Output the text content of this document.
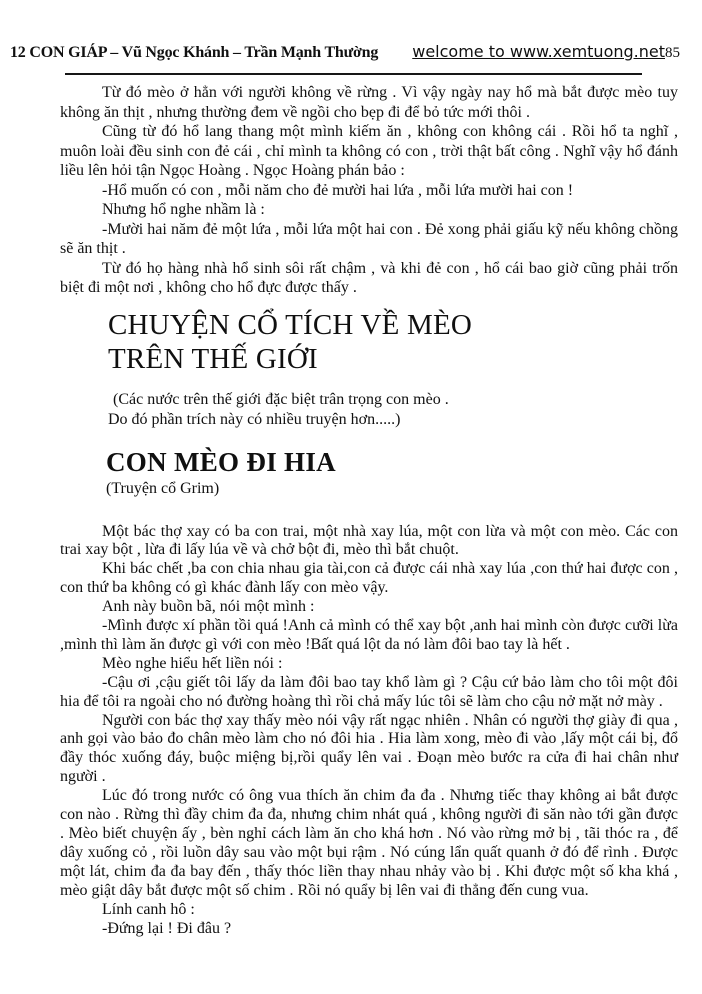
12 CON GIÁP – Vũ Ngọc Khánh – Trần Mạnh Thường welcome to www.xemtuong.net 85

Từ đó mèo ở hẳn với người không về rừng . Vì vậy ngày nay hổ mà bắt được mèo tuy không ăn thịt , nhưng thường đem về ngồi cho bẹp đi để bỏ tức mới thôi .

Cũng từ đó hổ lang thang một mình kiếm ăn , không con không cái . Rồi hổ ta nghĩ , muôn loài đều sinh con đẻ cái , chỉ mình ta không có con , trời thật bất công . Nghĩ vậy hổ đánh liều lên hỏi tận Ngọc Hoàng . Ngọc Hoàng phán bảo :

-Hổ muốn có con , mỗi năm cho đẻ mười hai lứa , mỗi lứa mười hai con !

Nhưng hổ nghe nhầm là :

-Mười hai năm đẻ một lứa , mỗi lứa một hai con . Đẻ xong phải giấu kỹ nếu không chồng sẽ ăn thịt .

Từ đó họ hàng nhà hổ sinh sôi rất chậm , và khi đẻ con , hổ cái bao giờ cũng phải trốn biệt đi một nơi , không cho hổ đực được thấy .

CHUYỆN CỔ TÍCH VỀ MÈO
TRÊN THẾ GIỚI
(Các nước trên thế giới đặc biệt trân trọng con mèo .
Do đó phần trích này có nhiều truyện hơn.....)
CON MÈO ĐI HIA
(Truyện cổ Grim)

Một bác thợ xay có ba con trai, một nhà xay lúa, một con lừa và một con mèo. Các con trai xay bột , lừa đi lấy lúa về và chở bột đi, mèo thì bắt chuột.

Khi bác chết ,ba con chia nhau gia tài,con cả được cái nhà xay lúa ,con thứ hai được con , con thứ ba không có gì khác đành lấy con mèo vậy.

Anh này buồn bã, nói một mình :

-Mình được xí phần tồi quá !Anh cả mình có thể xay bột ,anh hai mình còn được cưỡi lừa ,mình thì làm ăn được gì với con mèo !Bất quá lột da nó làm đôi bao tay là hết .

Mèo nghe hiểu hết liền nói :

-Cậu ơi ,cậu giết tôi lấy da làm đôi bao tay khổ làm gì ? Cậu cứ bảo làm cho tôi một đôi hia để tôi ra ngoài cho nó đường hoàng thì rồi chả mấy lúc tôi sẽ làm cho cậu nở mặt nở mày .

Người con bác thợ xay thấy mèo nói vậy rất ngạc nhiên . Nhân có người thợ giày đi qua , anh gọi vào bảo đo chân mèo làm cho nó đôi hia . Hia làm xong, mèo đi vào ,lấy một cái bị, đổ đầy thóc xuống đáy, buộc miệng bị,rồi quẩy lên vai . Đoạn mèo bước ra cửa đi hai chân như người .

Lúc đó trong nước có ông vua thích ăn chim đa đa . Nhưng tiếc thay không ai bắt được con nào . Rừng thì đầy chim đa đa, nhưng chim nhát quá , không người đi săn nào tới gần được . Mèo biết chuyện ấy , bèn nghỉ cách làm ăn cho khá hơn . Nó vào rừng mở bị , tãi thóc ra , để dây xuống cỏ , rồi luồn dây sau vào một bụi rậm . Nó cúng lẩn quất quanh ở đó để rình . Được một lát, chim đa đa bay đến , thấy thóc liền thay nhau nhảy vào bị . Khi được một số kha khá , mèo giật dây bắt được một số chim . Rồi nó quẩy bị lên vai đi thẳng đến cung vua.

Lính canh hô :

-Đứng lại ! Đi đâu ?
